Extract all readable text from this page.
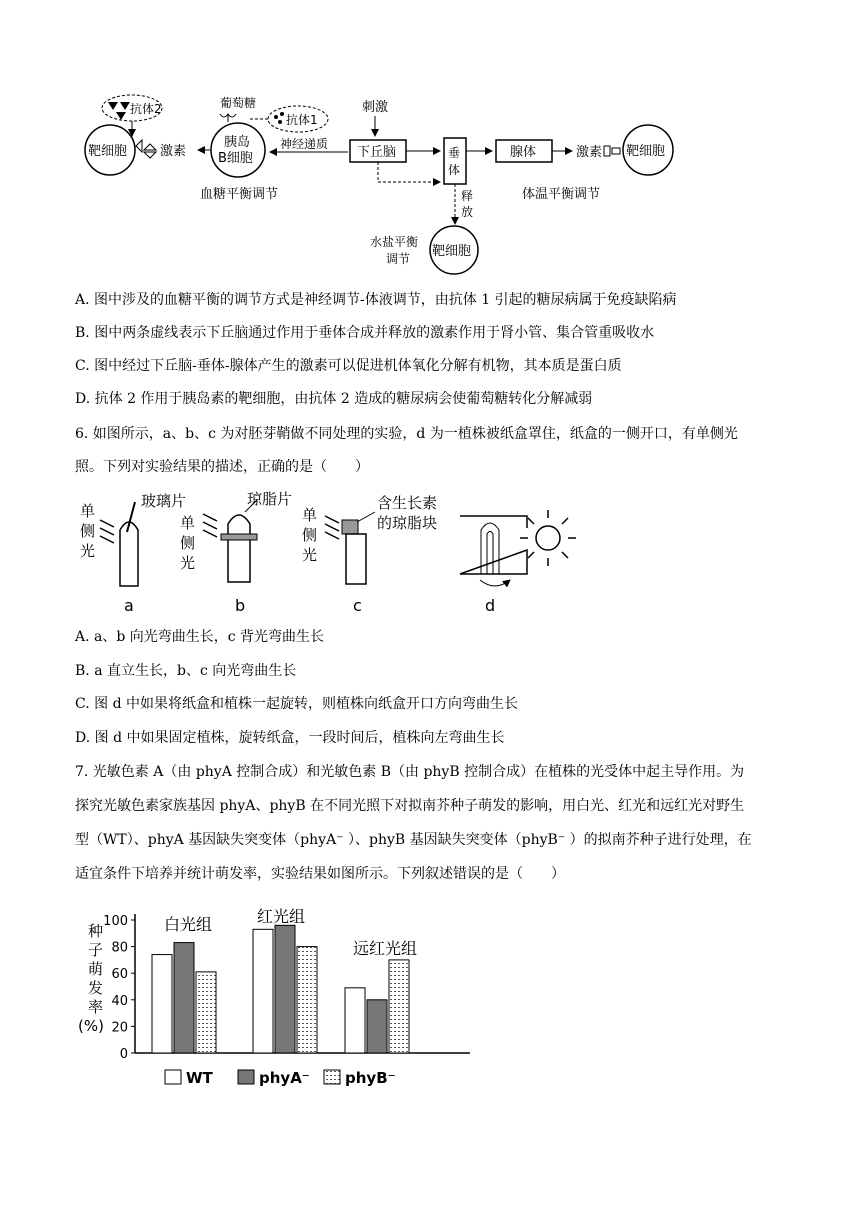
抗体2
靶细胞	激素
胰岛
B细胞
葡萄糖
抗体1
神经递质
刺激
下丘脑	垂
体
释
放
腺体	激素 靶细胞
靶细胞
血糖平衡调节	体温平衡调节
水盐平衡
调节
A. 图中涉及的血糖平衡的调节方式是神经调节-体液调节，由抗体 1 引起的糖尿病属于免疫缺陷病
B. 图中两条虚线表示下丘脑通过作用于垂体合成并释放的激素作用于肾小管、集合管重吸收水
C. 图中经过下丘脑-垂体-腺体产生的激素可以促进机体氧化分解有机物，其本质是蛋白质
D. 抗体 2 作用于胰岛素的靶细胞，由抗体 2 造成的糖尿病会使葡萄糖转化分解减弱
6. 如图所示，a、b、c 为对胚芽鞘做不同处理的实验，d 为一植株被纸盒罩住，纸盒的一侧开口，有单侧光
照。下列对实验结果的描述，正确的是（　　）
单
侧
光
玻璃片
a
单
侧
光
琼脂片
b
单
侧
光
含生长素
的琼脂块
c	d
A. a、b 向光弯曲生长，c 背光弯曲生长
B. a 直立生长，b、c 向光弯曲生长
C. 图 d 中如果将纸盒和植株一起旋转，则植株向纸盒开口方向弯曲生长
D. 图 d 中如果固定植株，旋转纸盒，一段时间后，植株向左弯曲生长
7. 光敏色素 A（由 phyA 控制合成）和光敏色素 B（由 phyB 控制合成）在植株的光受体中起主导作用。为
探究光敏色素家族基因 phyA、phyB 在不同光照下对拟南芥种子萌发的影响，用白光、红光和远红光对野生
型（WT）、phyA 基因缺失突变体（phyA⁻ ）、phyB 基因缺失突变体（phyB⁻ ）的拟南芥种子进行处理，在
适宜条件下培养并统计萌发率，实验结果如图所示。下列叙述错误的是（　　）
种
子
萌
发
率
(%)
0
20
40
60
80
100 白光组	红光组
远红光组
WT	phyA⁻ phyB⁻
